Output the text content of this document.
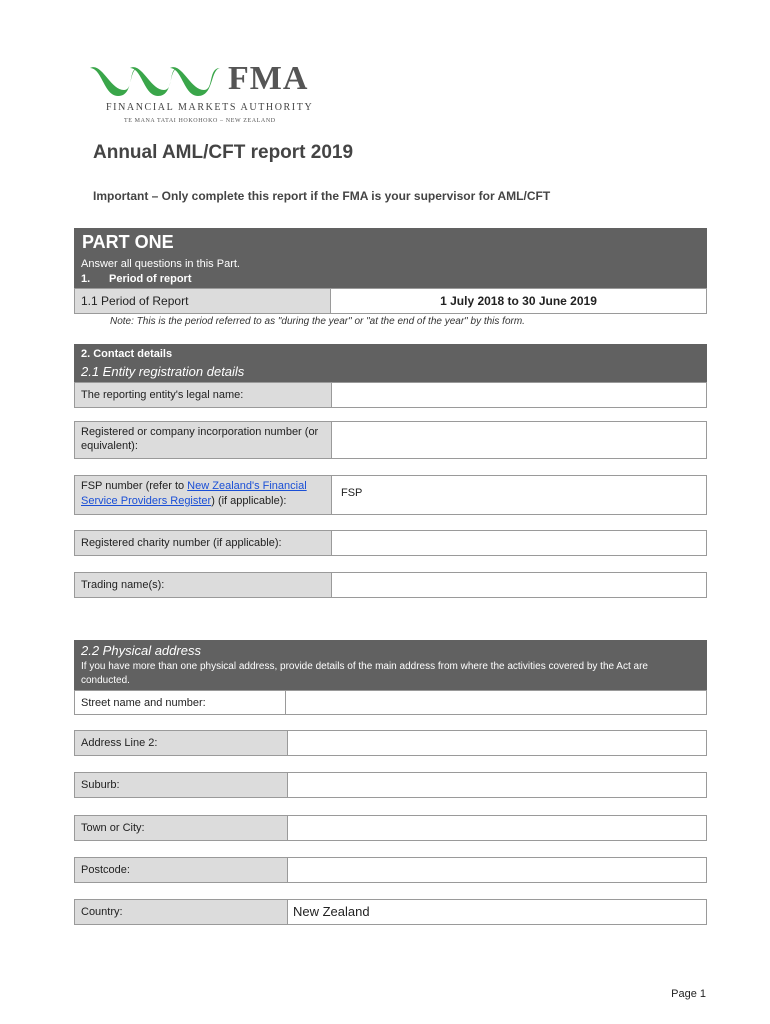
FMA
FINANCIAL MARKETS AUTHORITY
TE MANA TATAI HOKOHOKO – NEW ZEALAND
Annual AML/CFT report 2019
Important – Only complete this report if the FMA is your supervisor for AML/CFT
PART ONE
Answer all questions in this Part.
1. Period of report
1.1 Period of Report	1 July 2018 to 30 June 2019
Note: This is the period referred to as "during the year" or "at the end of the year" by this form.
2. Contact details
2.1 Entity registration details
The reporting entity's legal name:
Registered or company incorporation number (or equivalent):
FSP number (refer to New Zealand's Financial Service Providers Register) (if applicable):
FSP
Registered charity number (if applicable):
Trading name(s):
2.2 Physical address
If you have more than one physical address, provide details of the main address from where the activities covered by the Act are conducted.
Street name and number:
Address Line 2:
Suburb:
Town or City:
Postcode:
Country:	New Zealand
Page 1
